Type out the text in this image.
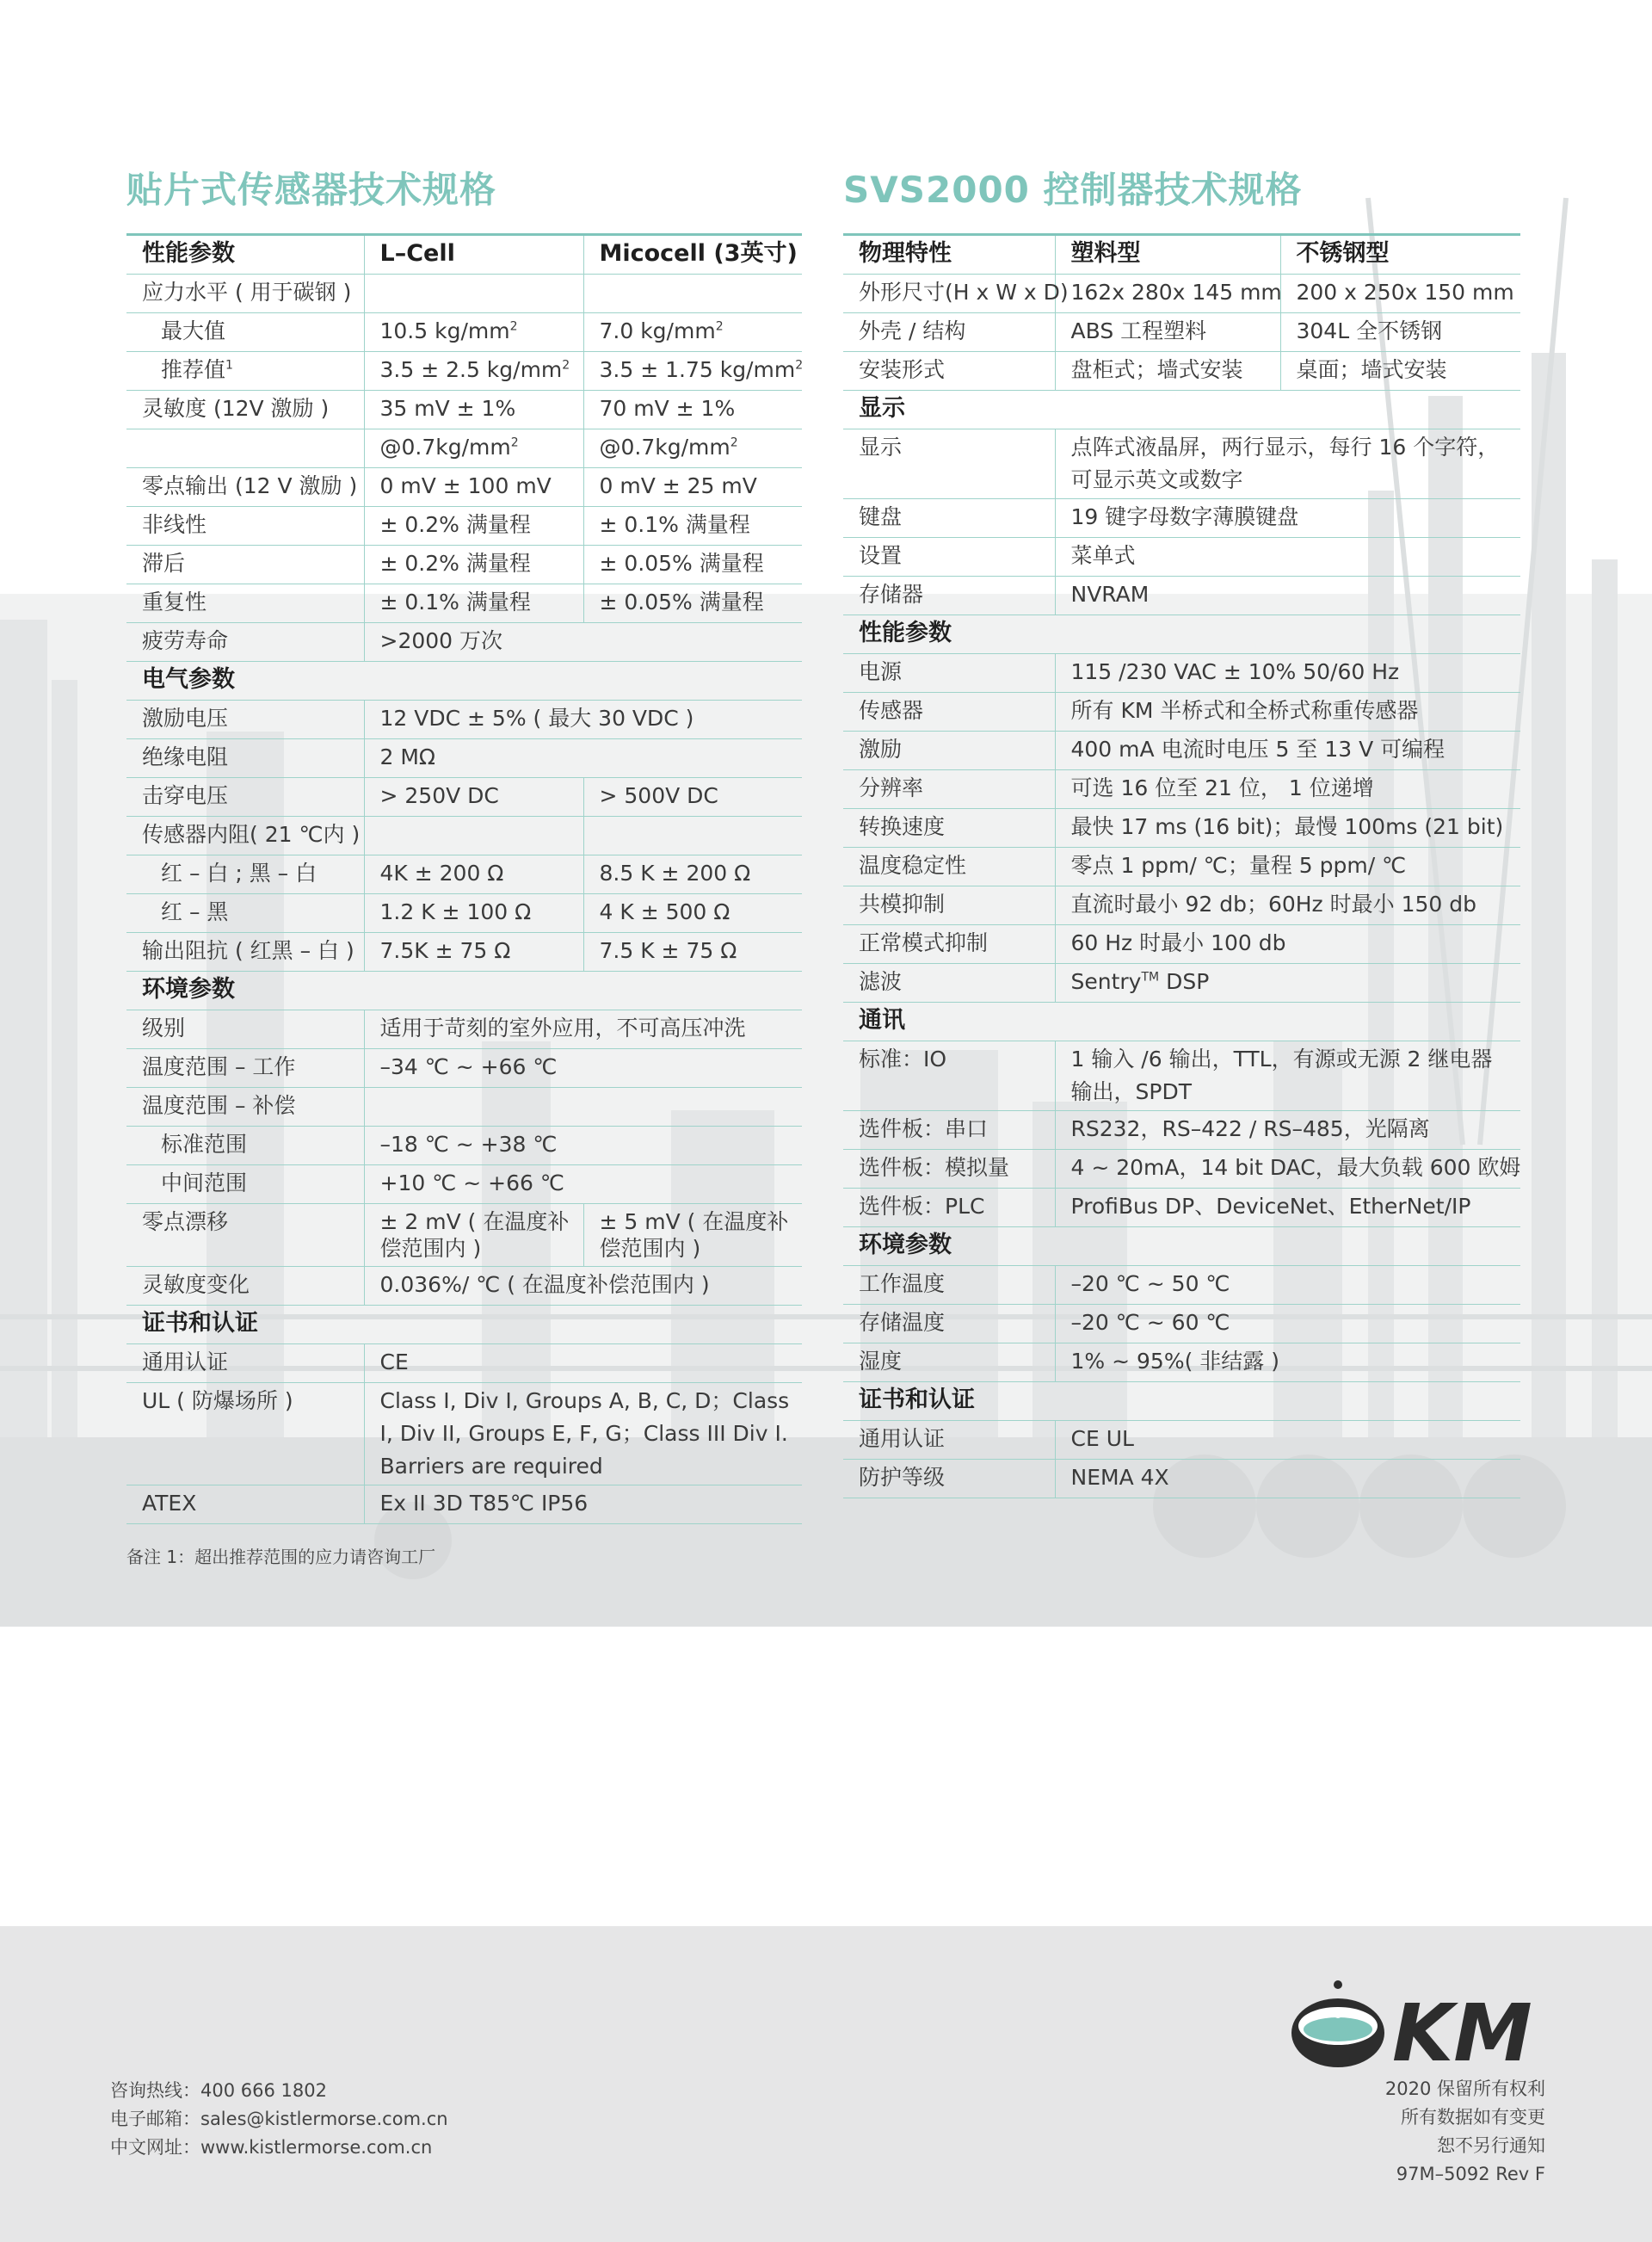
贴片式传感器技术规格
性能参数	L–Cell	Micocell (3英寸)
应力水平 ( 用于碳钢 )		
最大值	10.5 $kg/mm^2$	7.0 $kg/mm^2$
推荐值$^1$	3.5 ± 2.5 $kg/mm^2$	3.5 ± 1.75 $kg/mm^2$
灵敏度 (12V 激励 )	35 mV ± 1%	70 mV ± 1%
	$@0.7kg/mm^2$	$@0.7kg/mm^2$
零点输出 (12 V 激励 )	0 mV ± 100 mV	0 mV ± 25 mV
非线性	± 0.2% 满量程	± 0.1% 满量程
滞后	± 0.2% 满量程	± 0.05% 满量程
重复性	± 0.1% 满量程	± 0.05% 满量程
疲劳寿命	>2000 万次	
电气参数		
激励电压	12 VDC ± 5% ( 最大 30 VDC )	
绝缘电阻	2 MΩ	
击穿电压	> 250V DC	> 500V DC
传感器内阻( 21 ℃内 )		
红 – 白 ; 黑 – 白	4K ± 200 Ω	8.5 K ± 200 Ω
红 – 黑	1.2 K ± 100 Ω	4 K ± 500 Ω
输出阻抗 ( 红黑 – 白 )	7.5K ± 75 Ω	7.5 K ± 75 Ω
环境参数		
级别	适用于苛刻的室外应用，不可高压冲洗	
温度范围 – 工作	–34 ℃ ~ +66 ℃	
温度范围 – 补偿		
标准范围	–18 ℃ ~ +38 ℃	
中间范围	+10 ℃ ~ +66 ℃	
零点漂移	± 2 mV ( 在温度补偿范围内 )	± 5 mV ( 在温度补偿范围内 )
灵敏度变化	0.036%/ ℃ ( 在温度补偿范围内 )	
证书和认证		
通用认证	CE	
UL ( 防爆场所 )	Class I, Div I, Groups A, B, C, D；Class I, Div II, Groups E, F, G；Class III Div I. Barriers are required	
ATEX	Ex II 3D T85℃ IP56	
备注 1：超出推荐范围的应力请咨询工厂
SVS2000 控制器技术规格
物理特性	塑料型	不锈钢型
外形尺寸(H x W x D)	162x 280x 145 mm	200 x 250x 150 mm
外壳 / 结构	ABS 工程塑料	304L 全不锈钢
安装形式	盘柜式；墙式安装	桌面；墙式安装
显示		
显示	点阵式液晶屏，两行显示，每行 16 个字符，可显示英文或数字	
键盘	19 键字母数字薄膜键盘	
设置	菜单式	
存储器	NVRAM	
性能参数		
电源	115 /230 VAC ± 10% 50/60 Hz	
传感器	所有 KM 半桥式和全桥式称重传感器	
激励	400 mA 电流时电压 5 至 13 V 可编程	
分辨率	可选 16 位至 21 位， 1 位递增	
转换速度	最快 17 ms (16 bit)；最慢 100ms (21 bit)	
温度稳定性	零点 1 ppm/ ℃；量程 5 ppm/ ℃	
共模抑制	直流时最小 92 db；60Hz 时最小 150 db	
正常模式抑制	60 Hz 时最小 100 db	
滤波	Sentry™ DSP	
通讯		
标准：IO	1 输入 /6 输出，TTL，有源或无源 2 继电器输出，SPDT	
选件板：串口	RS232，RS–422 / RS–485，光隔离	
选件板：模拟量	4 ~ 20mA，14 bit DAC，最大负载 600 欧姆	
选件板：PLC	ProfiBus DP、DeviceNet、EtherNet/IP	
环境参数		
工作温度	–20 ℃ ~ 50 ℃	
存储温度	–20 ℃ ~ 60 ℃	
湿度	1% ~ 95%( 非结露 )	
证书和认证		
通用认证	CE UL	
防护等级	NEMA 4X	
咨询热线：400 666 1802
电子邮箱：sales@kistlermorse.com.cn
中文网址：www.kistlermorse.com.cn
KM
2020 保留所有权利
所有数据如有变更
恕不另行通知
97M–5092 Rev F
